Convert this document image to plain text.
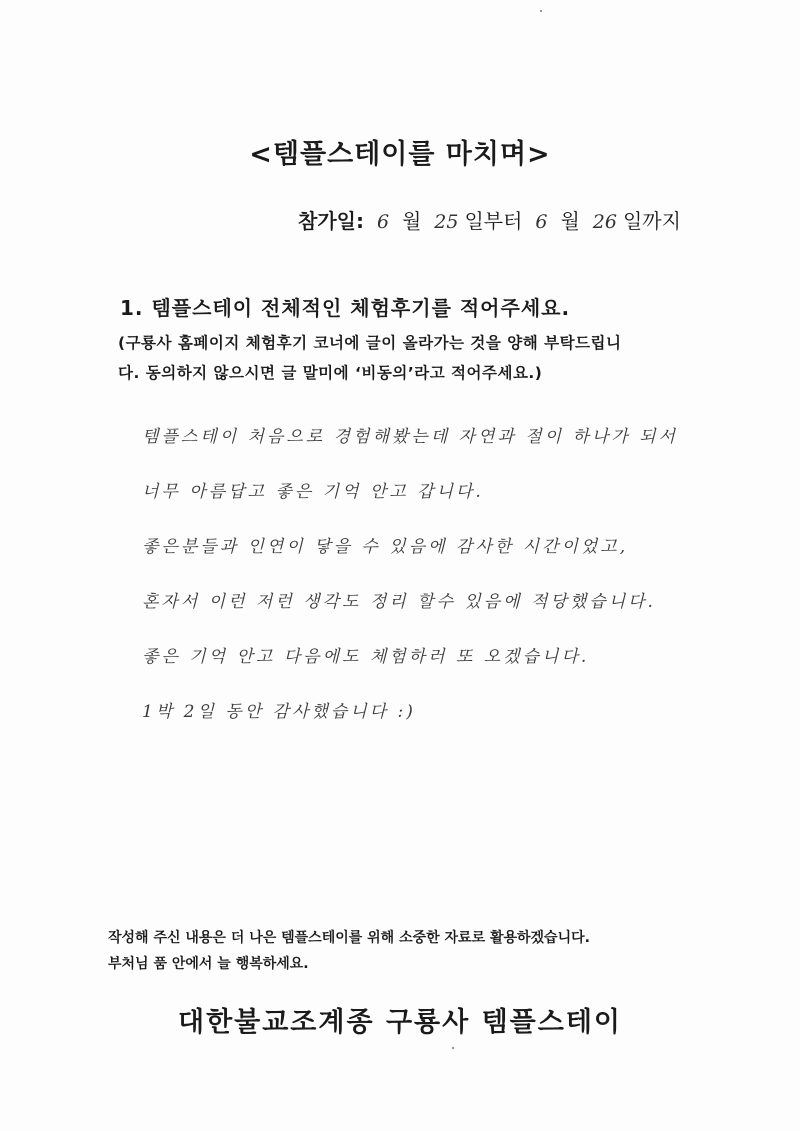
<템플스테이를 마치며>
참가일: 6 월 25 일부터 6 월 26 일까지
1. 템플스테이 전체적인 체험후기를 적어주세요.
(구룡사 홈페이지 체험후기 코너에 글이 올라가는 것을 양해 부탁드립니
다. 동의하지 않으시면 글 말미에 ‘비동의’라고 적어주세요.)
템플스테이 처음으로 경험해봤는데 자연과 절이 하나가 되서
너무 아름답고 좋은 기억 안고 갑니다.
좋은분들과 인연이 닿을 수 있음에 감사한 시간이었고,
혼자서 이런 저런 생각도 정리 할수 있음에 적당했습니다.
좋은 기억 안고 다음에도 체험하러 또 오겠습니다.
1박 2일 동안 감사했습니다 :)
작성해 주신 내용은 더 나은 템플스테이를 위해 소중한 자료로 활용하겠습니다.
부처님 품 안에서 늘 행복하세요.
대한불교조계종 구룡사 템플스테이
